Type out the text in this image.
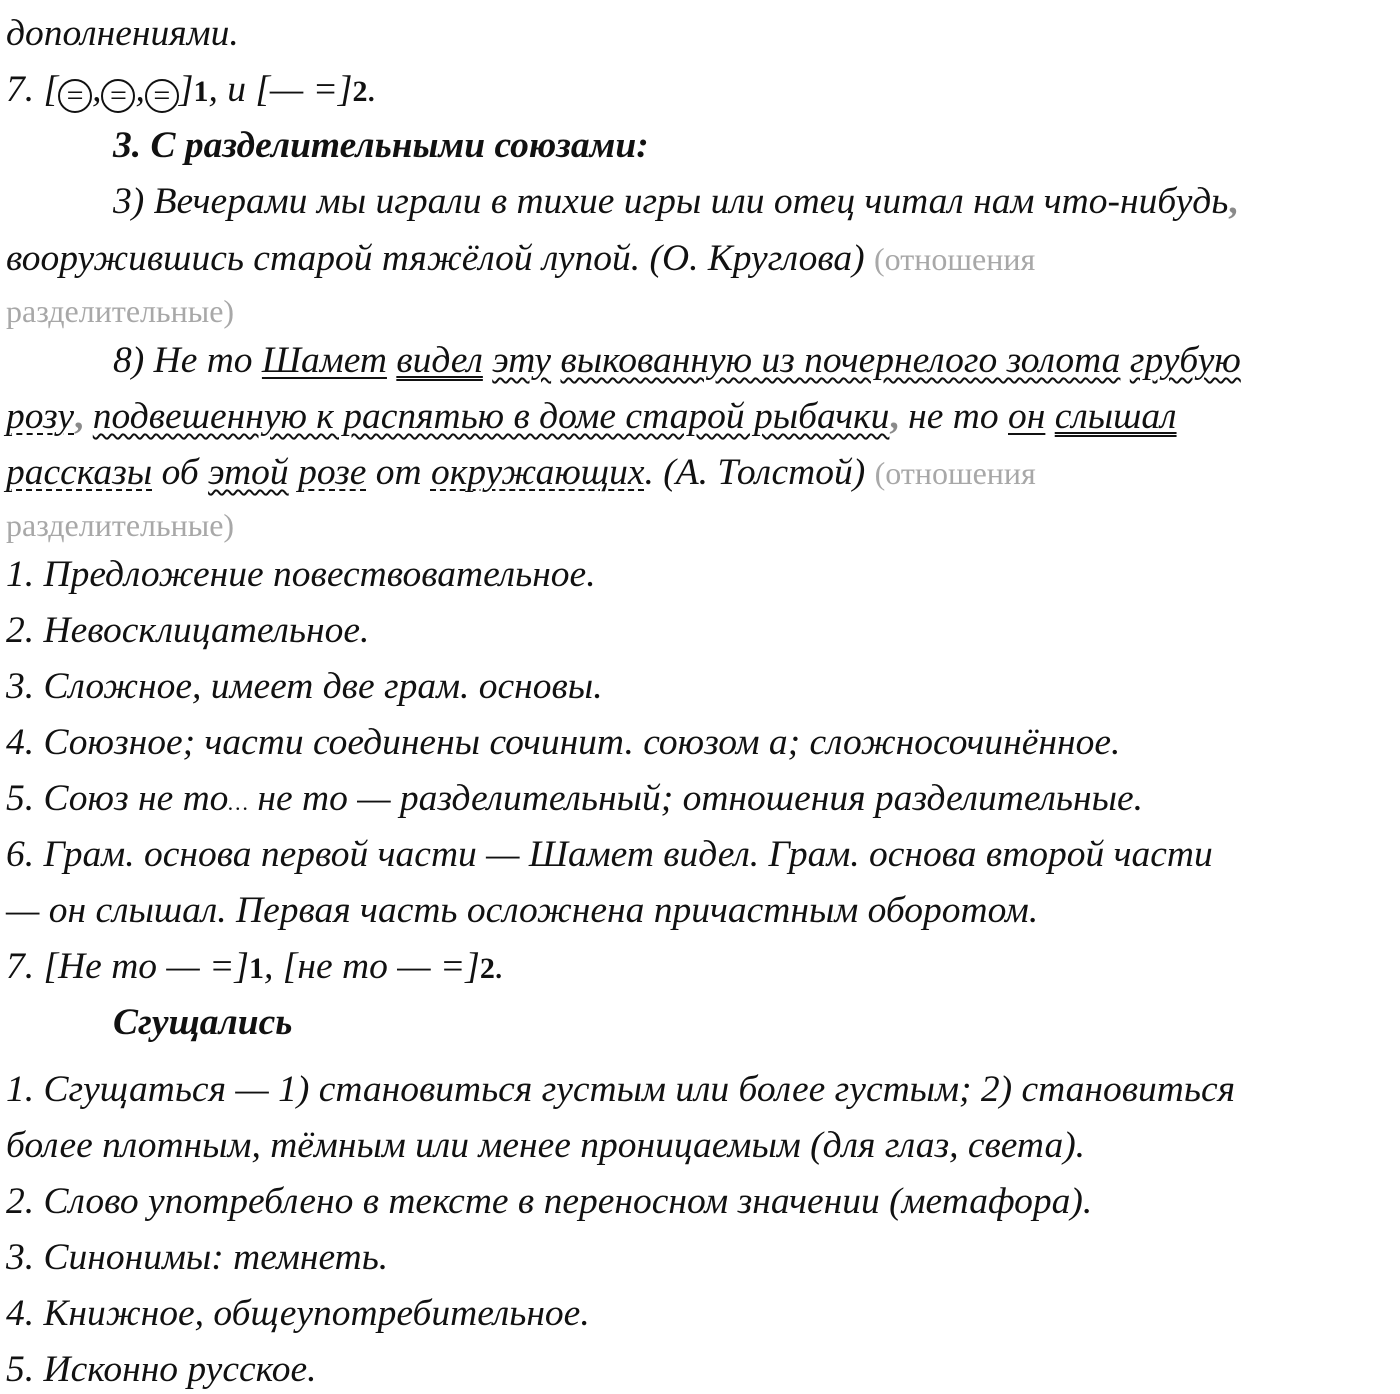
дополнениями.
7. [ = , = , = ]1, и [— =]2.
3. С разделительными союзами:
3) Вечерами мы играли в тихие игры или отец читал нам что-нибудь,
вооружившись старой тяжёлой лупой. (О. Круглова) (отношения
разделительные)
8) Не то Шамет видел эту выкованную из почернелого золота грубую
розу, подвешенную к распятью в доме старой рыбачки, не то он слышал
рассказы об этой розе от окружающих. (А. Толстой) (отношения
разделительные)
1. Предложение повествовательное.
2. Невосклицательное.
3. Сложное, имеет две грам. основы.
4. Союзное; части соединены сочинит. союзом а; сложносочинённое.
5. Союз не то… не то — разделительный; отношения разделительные.
6. Грам. основа первой части — Шамет видел. Грам. основа второй части
— он слышал. Первая часть осложнена причастным оборотом.
7. [Не то — =]1, [не то — =]2.
Сгущались
1. Сгущаться — 1) становиться густым или более густым; 2) становиться
более плотным, тёмным или менее проницаемым (для глаз, света).
2. Слово употреблено в тексте в переносном значении (метафора).
3. Синонимы: темнеть.
4. Книжное, общеупотребительное.
5. Исконно русское.
